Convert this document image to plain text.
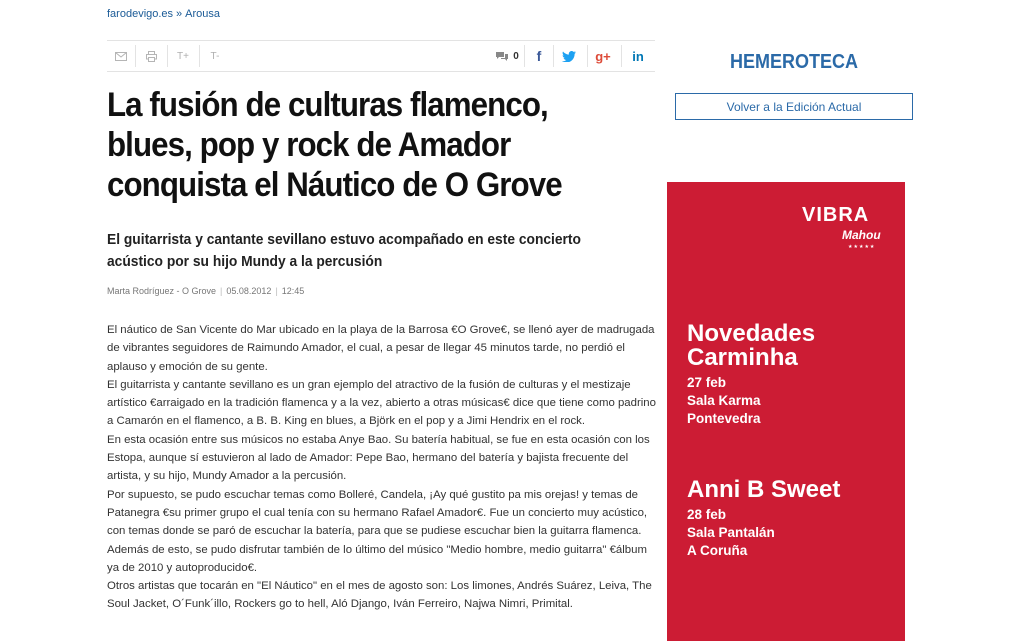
farodevigo.es » Arousa
T+	T-	0 f	g+ in
La fusión de culturas flamenco, blues, pop y rock de Amador conquista el Náutico de O Grove
El guitarrista y cantante sevillano estuvo acompañado en este concierto acústico por su hijo Mundy a la percusión
Marta Rodríguez - O Grove | 05.08.2012 | 12:45

El náutico de San Vicente do Mar ubicado en la playa de la Barrosa €O Grove€, se llenó ayer de madrugada de vibrantes seguidores de Raimundo Amador, el cual, a pesar de llegar 45 minutos tarde, no perdió el aplauso y emoción de su gente.

El guitarrista y cantante sevillano es un gran ejemplo del atractivo de la fusión de culturas y el mestizaje artístico €arraigado en la tradición flamenca y a la vez, abierto a otras músicas€ dice que tiene como padrino a Camarón en el flamenco, a B. B. King en blues, a Björk en el pop y a Jimi Hendrix en el rock.

En esta ocasión entre sus músicos no estaba Anye Bao. Su batería habitual, se fue en esta ocasión con los Estopa, aunque sí estuvieron al lado de Amador: Pepe Bao, hermano del batería y bajista frecuente del artista, y su hijo, Mundy Amador a la percusión.

Por supuesto, se pudo escuchar temas como Bolleré, Candela, ¡Ay qué gustito pa mis orejas! y temas de Patanegra €su primer grupo el cual tenía con su hermano Rafael Amador€. Fue un concierto muy acústico, con temas donde se paró de escuchar la batería, para que se pudiese escuchar bien la guitarra flamenca. Además de esto, se pudo disfrutar también de lo último del músico "Medio hombre, medio guitarra" €álbum ya de 2010 y autoproducido€.

Otros artistas que tocarán en "El Náutico" en el mes de agosto son: Los limones, Andrés Suárez, Leiva, The Soul Jacket, O´Funk´illo, Rockers go to hell, Aló Django, Iván Ferreiro, Najwa Nimri, Primital.

HEMEROTECA
Volver a la Edición Actual
VIBRA
Mahou
★★★★★
Novedades
Carminha
27 feb
Sala Karma
Pontevedra
Anni B Sweet
28 feb
Sala Pantalán
A Coruña
